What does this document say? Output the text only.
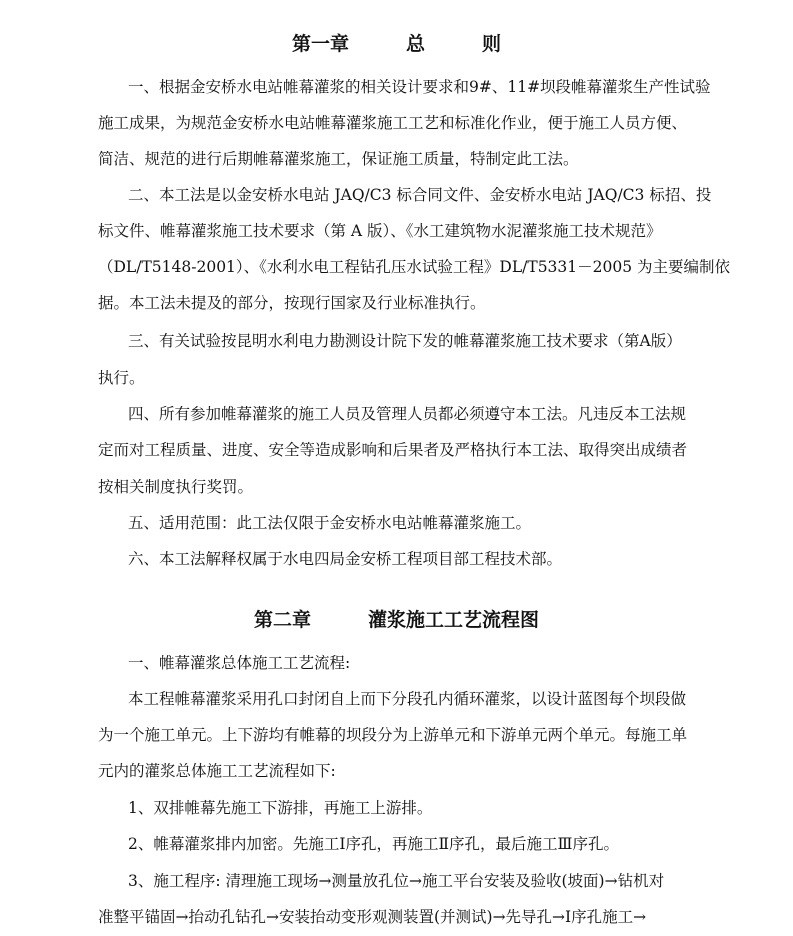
第一章　　　总　　　则
一、根据金安桥水电站帷幕灌浆的相关设计要求和9#、11#坝段帷幕灌浆生产性试验
施工成果，为规范金安桥水电站帷幕灌浆施工工艺和标准化作业，便于施工人员方便、
简洁、规范的进行后期帷幕灌浆施工，保证施工质量，特制定此工法。
二、本工法是以金安桥水电站 JAQ/C3 标合同文件、金安桥水电站 JAQ/C3 标招、投
标文件、帷幕灌浆施工技术要求（第 A 版）、《水工建筑物水泥灌浆施工技术规范》
（DL/T5148-2001）、《水利水电工程钻孔压水试验工程》DL/T5331－2005 为主要编制依
据。本工法未提及的部分，按现行国家及行业标准执行。
三、有关试验按昆明水利电力勘测设计院下发的帷幕灌浆施工技术要求（第A版）
执行。
四、所有参加帷幕灌浆的施工人员及管理人员都必须遵守本工法。凡违反本工法规
定而对工程质量、进度、安全等造成影响和后果者及严格执行本工法、取得突出成绩者
按相关制度执行奖罚。
五、适用范围：此工法仅限于金安桥水电站帷幕灌浆施工。
六、本工法解释权属于水电四局金安桥工程项目部工程技术部。
第二章　　　灌浆施工工艺流程图
一、帷幕灌浆总体施工工艺流程:
本工程帷幕灌浆采用孔口封闭自上而下分段孔内循环灌浆，以设计蓝图每个坝段做
为一个施工单元。上下游均有帷幕的坝段分为上游单元和下游单元两个单元。每施工单
元内的灌浆总体施工工艺流程如下:
1、双排帷幕先施工下游排，再施工上游排。
2、帷幕灌浆排内加密。先施工Ⅰ序孔，再施工Ⅱ序孔，最后施工Ⅲ序孔。
3、施工程序: 清理施工现场→测量放孔位→施工平台安装及验收(坡面)→钻机对
准整平锚固→抬动孔钻孔→安装抬动变形观测装置(并测试)→先导孔→Ⅰ序孔施工→
